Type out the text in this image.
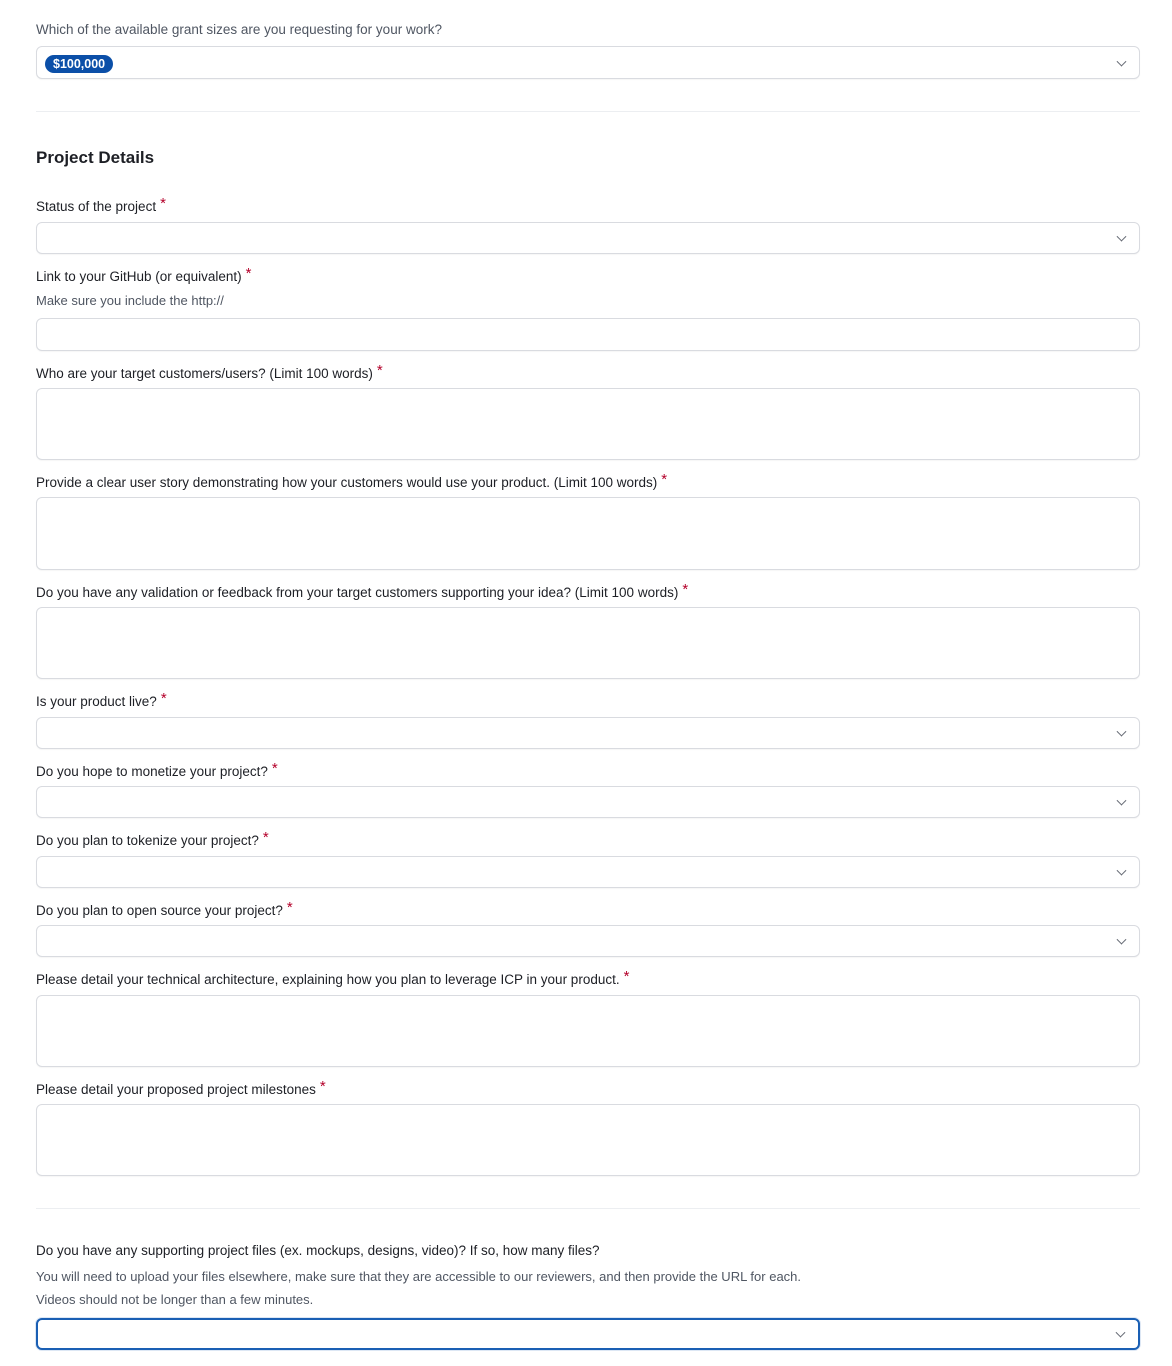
Which of the available grant sizes are you requesting for your work?
$100,000
Project Details
Status of the project *
Link to your GitHub (or equivalent) *
Make sure you include the http://
Who are your target customers/users? (Limit 100 words) *
Provide a clear user story demonstrating how your customers would use your product. (Limit 100 words) *
Do you have any validation or feedback from your target customers supporting your idea? (Limit 100 words) *
Is your product live? *
Do you hope to monetize your project? *
Do you plan to tokenize your project? *
Do you plan to open source your project? *
Please detail your technical architecture, explaining how you plan to leverage ICP in your product. *
Please detail your proposed project milestones *
Do you have any supporting project files (ex. mockups, designs, video)? If so, how many files?
You will need to upload your files elsewhere, make sure that they are accessible to our reviewers, and then provide the URL for each.
Videos should not be longer than a few minutes.
